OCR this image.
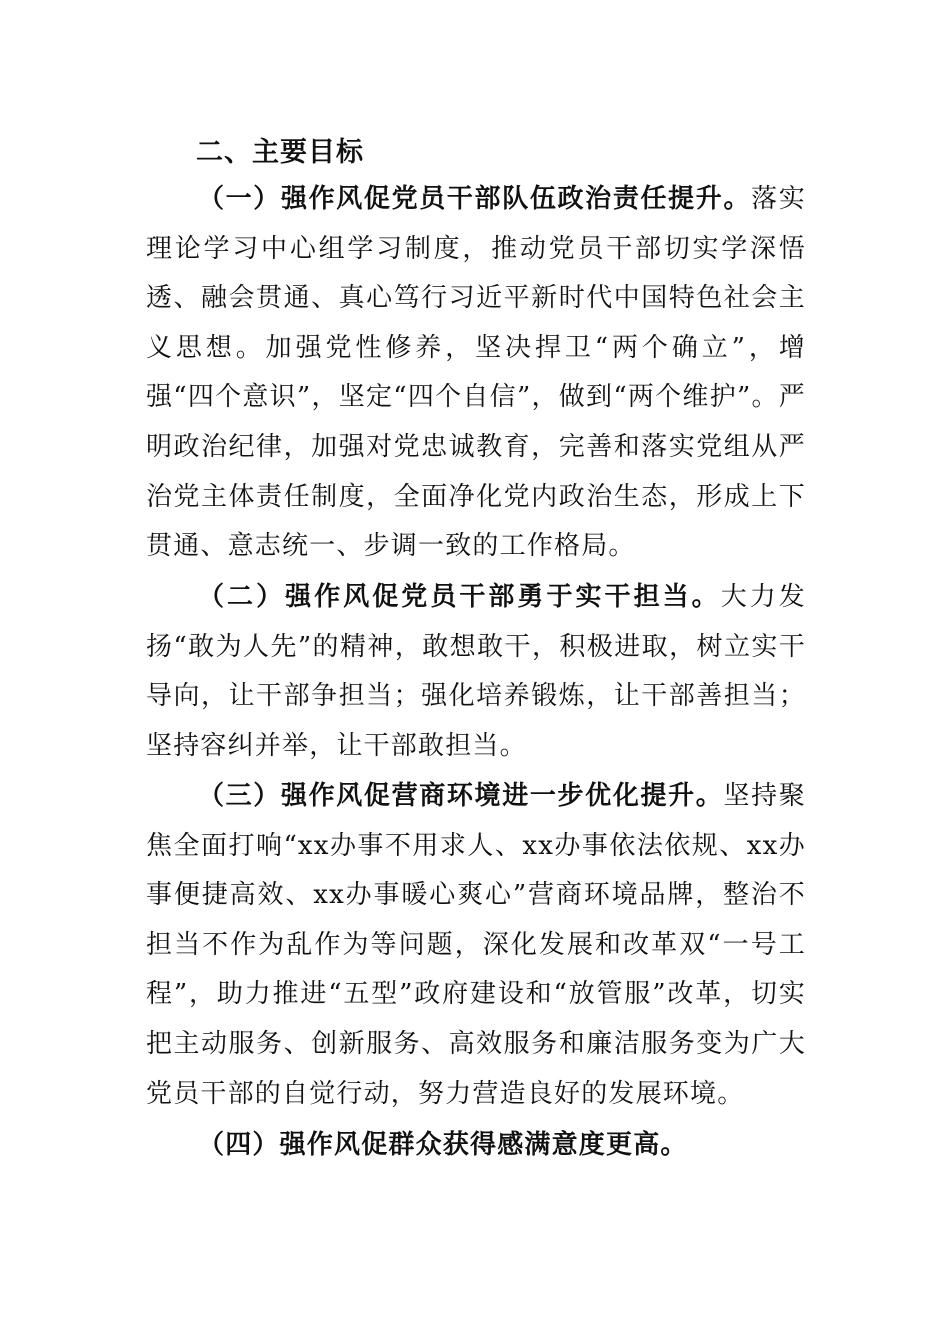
二、主要目标

（一）强作风促党员干部队伍政治责任提升。落实理论学习中心组学习制度，推动党员干部切实学深悟透、融会贯通、真心笃行习近平新时代中国特色社会主义思想。加强党性修养，坚决捍卫“两个确立”，增强“四个意识”，坚定“四个自信”，做到“两个维护”。严明政治纪律，加强对党忠诚教育，完善和落实党组从严治党主体责任制度，全面净化党内政治生态，形成上下贯通、意志统一、步调一致的工作格局。

（二）强作风促党员干部勇于实干担当。大力发扬“敢为人先”的精神，敢想敢干，积极进取，树立实干导向，让干部争担当；强化培养锻炼，让干部善担当；坚持容纠并举，让干部敢担当。

（三）强作风促营商环境进一步优化提升。坚持聚焦全面打响“xx办事不用求人、xx办事依法依规、xx办事便捷高效、xx办事暖心爽心”营商环境品牌，整治不担当不作为乱作为等问题，深化发展和改革双“一号工程”，助力推进“五型”政府建设和“放管服”改革，切实把主动服务、创新服务、高效服务和廉洁服务变为广大党员干部的自觉行动，努力营造良好的发展环境。

（四）强作风促群众获得感满意度更高。
